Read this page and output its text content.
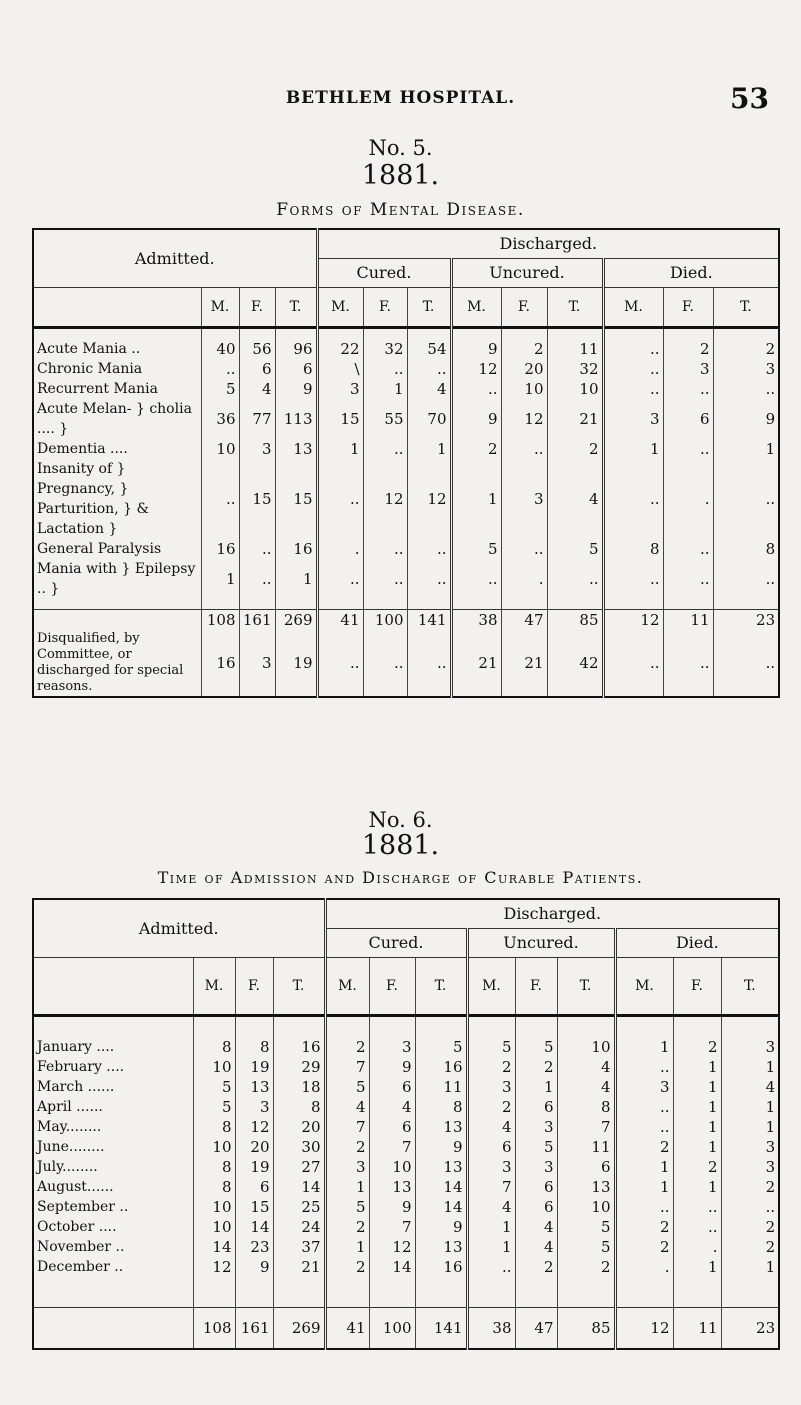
BETHLEM HOSPITAL.	53
No. 5.
1881.
Forms of Mental Disease.
Admitted.				Discharged.								
				Cured.			Uncured.			Died.		
	M.	F.	T.	M.	F.	T.	M.	F.	T.	M.	F.	T.

Acute Mania ..	40	56	96	22	32	54	9	2	11	..	2	2
Chronic Mania	..	6	6	\	..	..	12	20	32	..	3	3
Recurrent Mania	5	4	9	3	1	4	..	10	10	..	..	..
Acute Melan- } cholia .... }	36	77	113	15	55	70	9	12	21	3	6	9
Dementia ....	10	3	13	1	..	1	2	..	2	1	..	1
Insanity of } Pregnancy, } Parturition, } & Lactation }	..	15	15	..	12	12	1	3	4	..	.	..
General Paralysis	16	..	16	.	..	..	5	..	5	8	..	8
Mania with } Epilepsy .. }	1	..	1	..	..	..	..	.	..	..	..	..

	108	161	269	41	100	141	38	47	85	12	11	23
Disqualified, by Committee, or discharged for special reasons.	16	3	19	..	..	..	21	21	42	..	..	..
No. 6.
1881.
Time of Admission and Discharge of Curable Patients.
Admitted.				Discharged.								
				Cured.			Uncured.			Died.		
	M.	F.	T.	M.	F.	T.	M.	F.	T.	M.	F.	T.

January ....	8	8	16	2	3	5	5	5	10	1	2	3
February ....	10	19	29	7	9	16	2	2	4	..	1	1
March ......	5	13	18	5	6	11	3	1	4	3	1	4
April ......	5	3	8	4	4	8	2	6	8	..	1	1
May........	8	12	20	7	6	13	4	3	7	..	1	1
June........	10	20	30	2	7	9	6	5	11	2	1	3
July........	8	19	27	3	10	13	3	3	6	1	2	3
August......	8	6	14	1	13	14	7	6	13	1	1	2
September ..	10	15	25	5	9	14	4	6	10	..	..	..
October ....	10	14	24	2	7	9	1	4	5	2	..	2
November ..	14	23	37	1	12	13	1	4	5	2	.	2
December ..	12	9	21	2	14	16	..	2	2	.	1	1

	108	161	269	41	100	141	38	47	85	12	11	23
